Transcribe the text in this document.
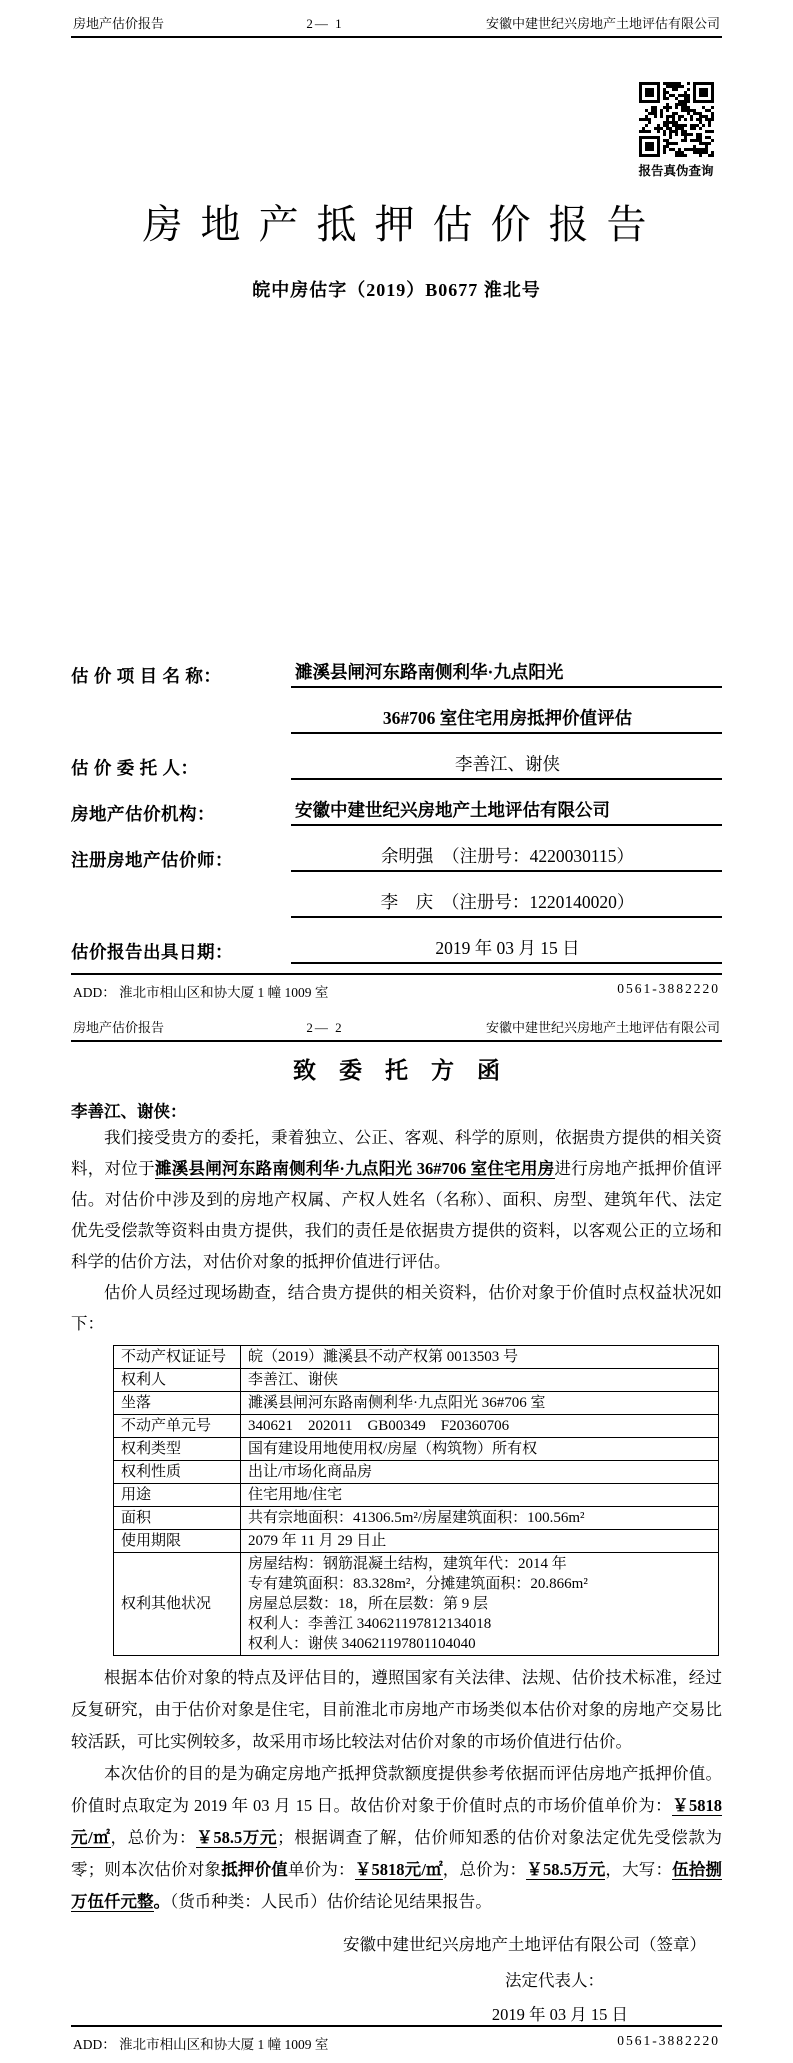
房地产估价报告	2— 1	安徽中建世纪兴房地产土地评估有限公司
报告真伪查询
房 地 产 抵 押 估 价 报 告
皖中房估字（2019）B0677 淮北号
估 价 项 目 名 称：	濉溪县闸河东路南侧利华·九点阳光
36#706 室住宅用房抵押价值评估
估 价 委 托 人：	李善江、谢侠
房地产估价机构：	安徽中建世纪兴房地产土地评估有限公司
注册房地产估价师：	余明强　（注册号：4220030115）
李　庆　（注册号：1220140020）
估价报告出具日期：	2019 年 03 月 15 日
ADD： 淮北市相山区和协大厦 1 幢 1009 室	0561-3882220
房地产估价报告	2— 2	安徽中建世纪兴房地产土地评估有限公司
致　委　托　方　函
李善江、谢侠：

我们接受贵方的委托，秉着独立、公正、客观、科学的原则，依据贵方提供的相关资料，对位于濉溪县闸河东路南侧利华·九点阳光 36#706 室住宅用房进行房地产抵押价值评估。对估价中涉及到的房地产权属、产权人姓名（名称）、面积、房型、建筑年代、法定优先受偿款等资料由贵方提供，我们的责任是依据贵方提供的资料，以客观公正的立场和科学的估价方法，对估价对象的抵押价值进行评估。

估价人员经过现场勘查，结合贵方提供的相关资料，估价对象于价值时点权益状况如下：

不动产权证证号	皖（2019）濉溪县不动产权第 0013503 号

权利人	李善江、谢侠

坐落	濉溪县闸河东路南侧利华·九点阳光 36#706 室

不动产单元号	340621　202011　GB00349　F20360706

权利类型	国有建设用地使用权/房屋（构筑物）所有权

权利性质	出让/市场化商品房

用途	住宅用地/住宅

面积	共有宗地面积：41306.5m²/房屋建筑面积：100.56m²

使用期限	2079 年 11 月 29 日止

权利其他状况	房屋结构：钢筋混凝土结构，建筑年代：2014 年
专有建筑面积：83.328m²，分摊建筑面积：20.866m²
房屋总层数：18，所在层数：第 9 层
权利人：李善江 340621197812134018
权利人：谢侠 340621197801104040

根据本估价对象的特点及评估目的，遵照国家有关法律、法规、估价技术标准，经过反复研究，由于估价对象是住宅，目前淮北市房地产市场类似本估价对象的房地产交易比较活跃，可比实例较多，故采用市场比较法对估价对象的市场价值进行估价。

本次估价的目的是为确定房地产抵押贷款额度提供参考依据而评估房地产抵押价值。价值时点取定为 2019 年 03 月 15 日。故估价对象于价值时点的市场价值单价为：￥5818元/㎡，总价为：￥58.5万元；根据调查了解，估价师知悉的估价对象法定优先受偿款为零；则本次估价对象抵押价值单价为：￥5818元/㎡，总价为：￥58.5万元，大写：伍拾捌万伍仟元整。（货币种类：人民币）估价结论见结果报告。

安徽中建世纪兴房地产土地评估有限公司（签章）
法定代表人：
2019 年 03 月 15 日
ADD： 淮北市相山区和协大厦 1 幢 1009 室	0561-3882220
